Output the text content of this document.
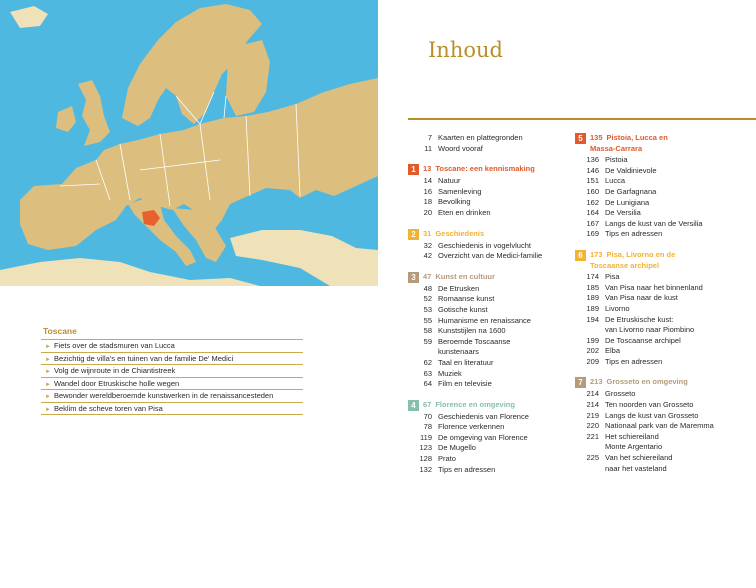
Toscane
► Fiets over de stadsmuren van Lucca
► Bezichtig de villa's en tuinen van de familie De' Medici
► Volg de wijnroute in de Chiantistreek
► Wandel door Etruskische holle wegen
► Bewonder wereldberoemde kunstwerken in de renaissancesteden
► Beklim de scheve toren van Pisa
Inhoud
7 Kaarten en plattegronden
11 Woord vooraf
1 13 Toscane: een kennismaking
14 Natuur
16 Samenleving
18 Bevolking
20 Eten en drinken
2 31 Geschiedenis
32 Geschiedenis in vogelvlucht
42 Overzicht van de Medici-familie
3 47 Kunst en cultuur
48 De Etrusken
52 Romaanse kunst
53 Gotische kunst
55 Humanisme en renaissance
58 Kunststijlen na 1600
59 Beroemde Toscaanse
kunstenaars
62 Taal en literatuur
63 Muziek
64 Film en televisie
4 67 Florence en omgeving
70 Geschiedenis van Florence
78 Florence verkennen
119 De omgeving van Florence
123 De Mugello
128 Prato
132 Tips en adressen
5 135 Pistoia, Lucca en
Massa-Carrara
136 Pistoia
146 De Valdinievole
151 Lucca
160 De Garfagnana
162 De Lunigiana
164 De Versilia
167 Langs de kust van de Versilia
169 Tips en adressen
6 173 Pisa, Livorno en de
Toscaanse archipel
174 Pisa
185 Van Pisa naar het binnenland
189 Van Pisa naar de kust
189 Livorno
194 De Etruskische kust:
van Livorno naar Piombino
199 De Toscaanse archipel
202 Elba
209 Tips en adressen
7 213 Grosseto en omgeving
214 Grosseto
214 Ten noorden van Grosseto
219 Langs de kust van Grosseto
220 Nationaal park van de Maremma
221 Het schiereiland
Monte Argentario
225 Van het schiereiland
naar het vasteland
